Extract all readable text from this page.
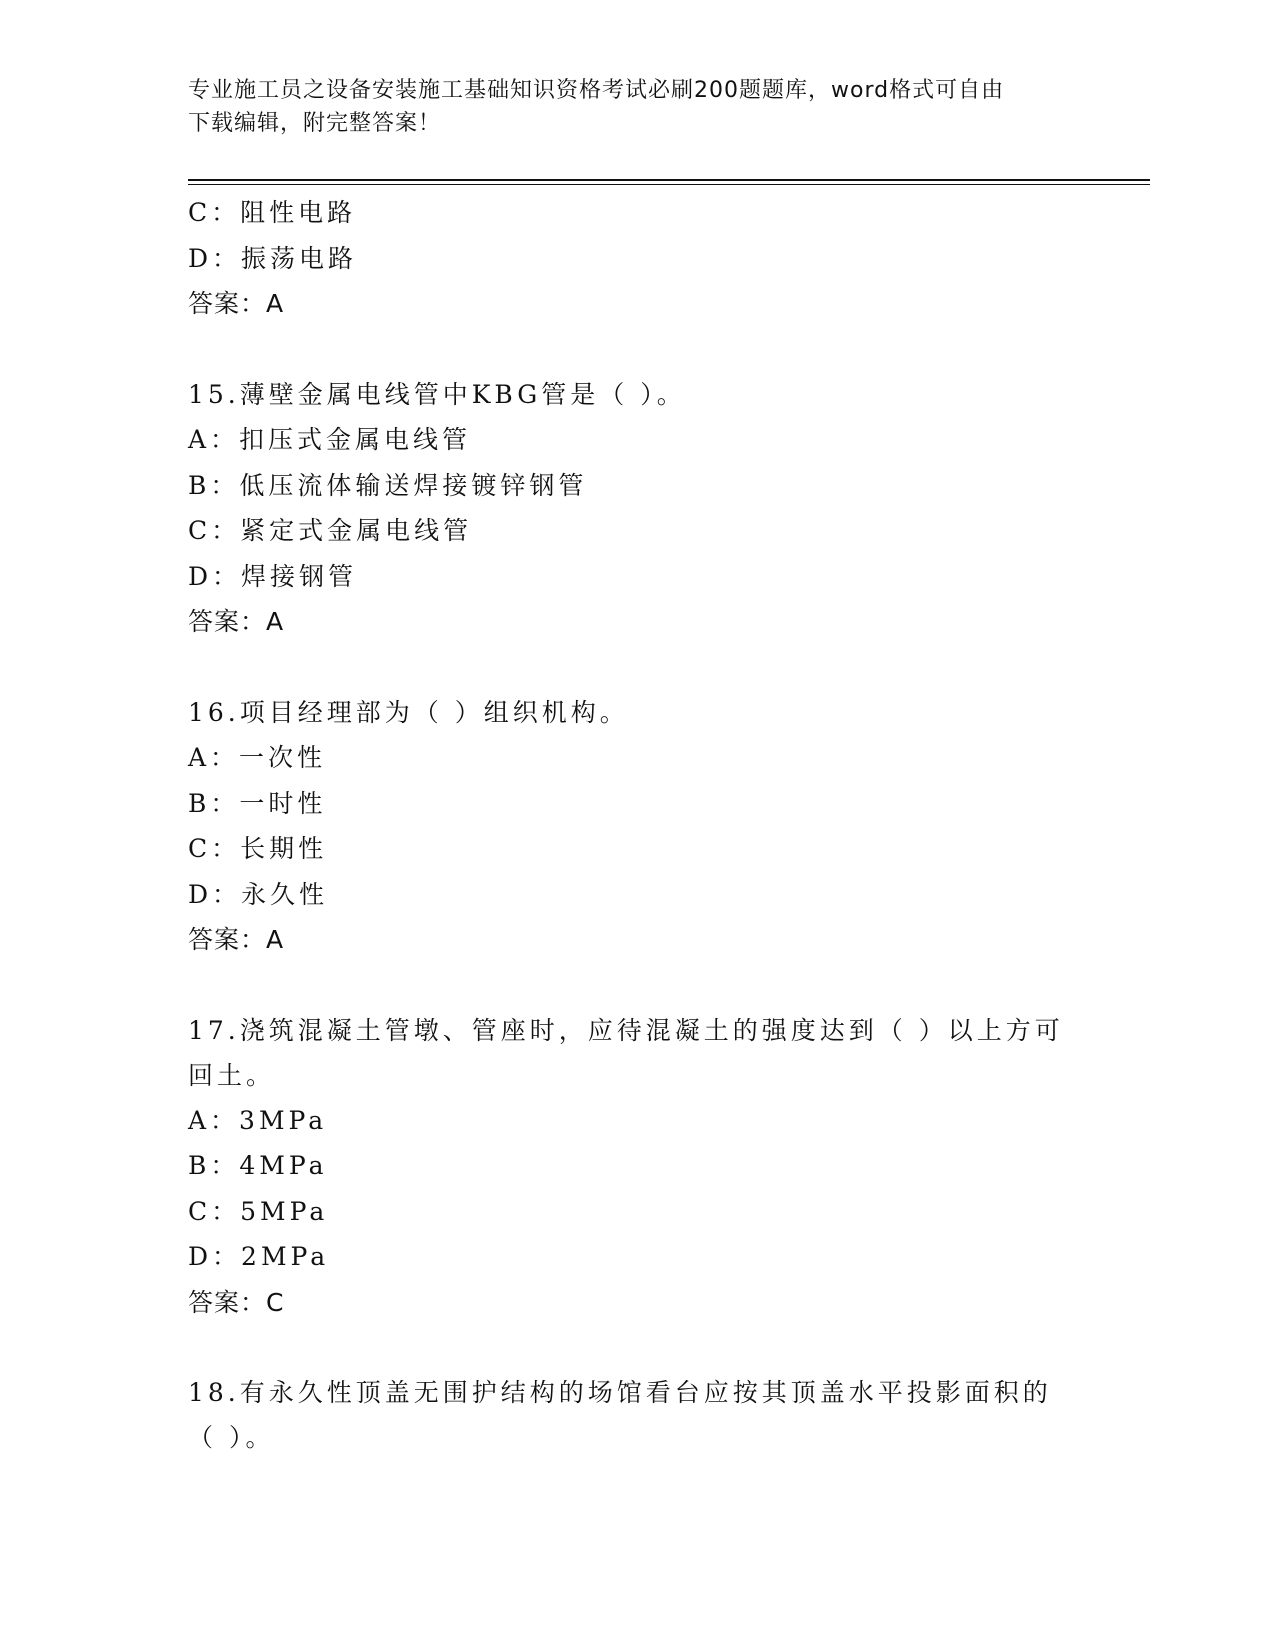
专业施工员之设备安装施工基础知识资格考试必刷200题题库，word格式可自由
下载编辑，附完整答案！
C：阻性电路
D：振荡电路
答案：A
15.薄壁金属电线管中KBG管是（ ）。
A：扣压式金属电线管
B：低压流体输送焊接镀锌钢管
C：紧定式金属电线管
D：焊接钢管
答案：A
16.项目经理部为（ ）组织机构。
A：一次性
B：一时性
C：长期性
D：永久性
答案：A
17.浇筑混凝土管墩、管座时，应待混凝土的强度达到（ ）以上方可回土。
A：3MPa
B：4MPa
C：5MPa
D：2MPa
答案：C
18.有永久性顶盖无围护结构的场馆看台应按其顶盖水平投影面积的（ ）。
